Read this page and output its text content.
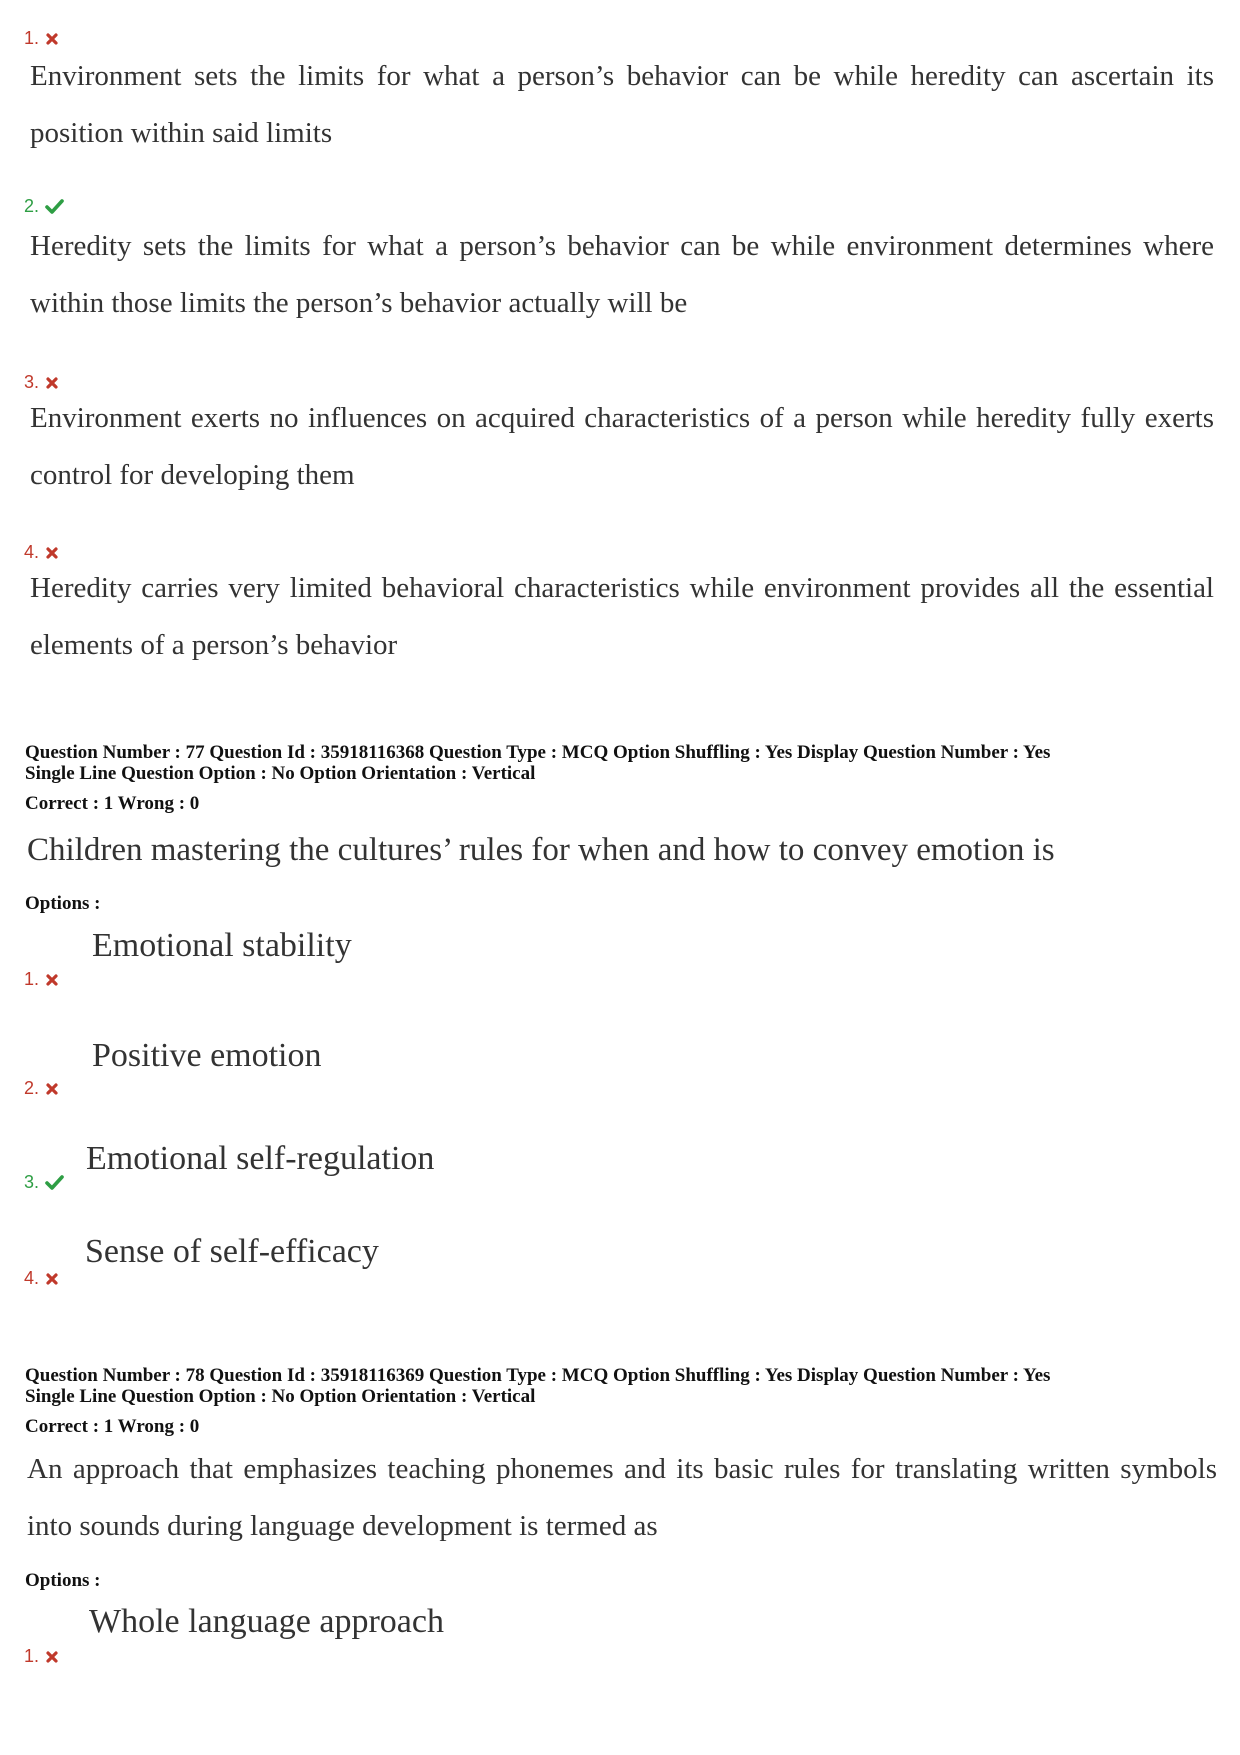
1.
Environment sets the limits for what a person’s behavior can be while heredity can ascertain its position within said limits
2.
Heredity sets the limits for what a person’s behavior can be while environment determines where within those limits the person’s behavior actually will be
3.
Environment exerts no influences on acquired characteristics of a person while heredity fully exerts control for developing them
4.
Heredity carries very limited behavioral characteristics while environment provides all the essential elements of a person’s behavior
Question Number : 77 Question Id : 35918116368 Question Type : MCQ Option Shuffling : Yes Display Question Number : Yes
Single Line Question Option : No Option Orientation : Vertical
Correct : 1 Wrong : 0
Children mastering the cultures’ rules for when and how to convey emotion is
Options :
1.
Emotional stability
2.
Positive emotion
3.
Emotional self-regulation
4.
Sense of self-efficacy
Question Number : 78 Question Id : 35918116369 Question Type : MCQ Option Shuffling : Yes Display Question Number : Yes
Single Line Question Option : No Option Orientation : Vertical
Correct : 1 Wrong : 0
An approach that emphasizes teaching phonemes and its basic rules for translating written symbols into sounds during language development is termed as
Options :
1.
Whole language approach
